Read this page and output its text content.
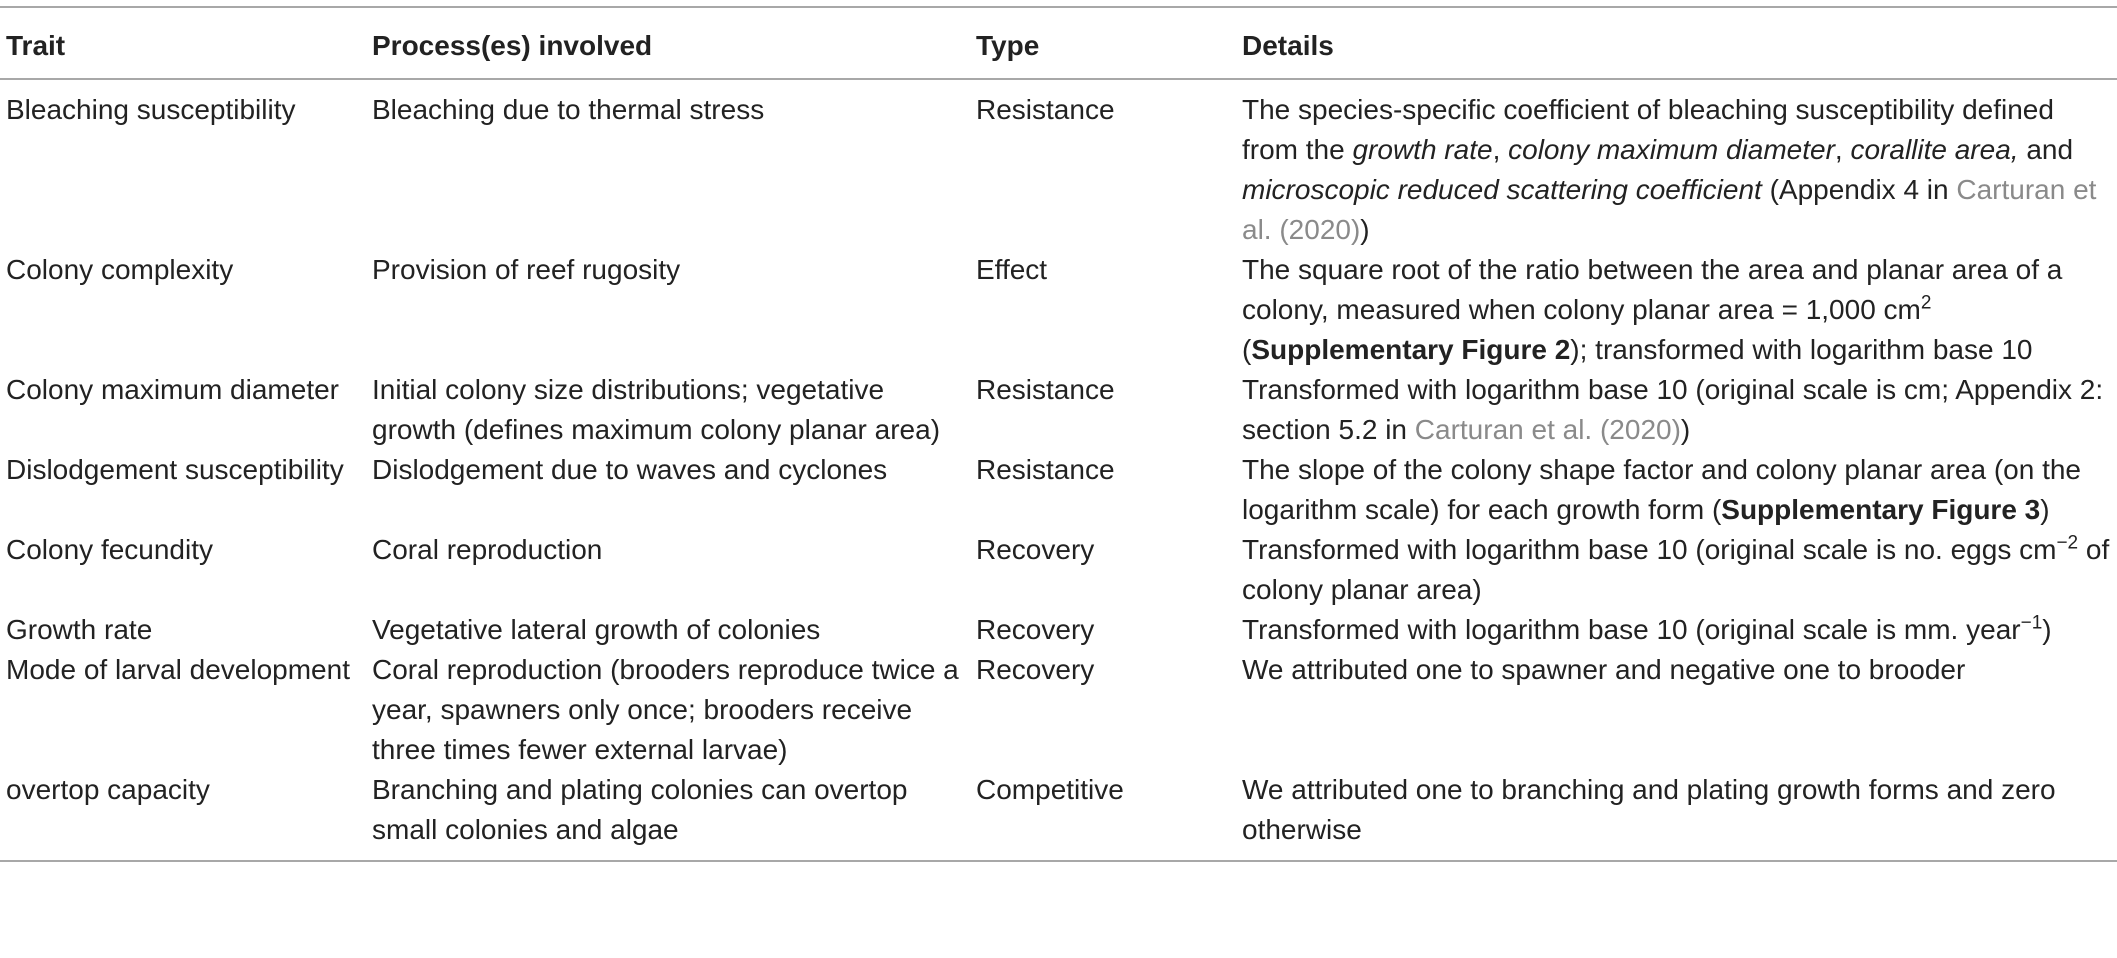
Trait	Process(es) involved	Type	Details
Bleaching susceptibility	Bleaching due to thermal stress	Resistance	The species-specific coefficient of bleaching susceptibility defined from the growth rate, colony maximum diameter, corallite area, and microscopic reduced scattering coefficient (Appendix 4 in Carturan et al. (2020))
Colony complexity	Provision of reef rugosity	Effect	The square root of the ratio between the area and planar area of a colony, measured when colony planar area = 1,000 $cm^2$ (Supplementary Figure 2); transformed with logarithm base 10
Colony maximum diameter	Initial colony size distributions; vegetative growth (defines maximum colony planar area)	Resistance	Transformed with logarithm base 10 (original scale is cm; Appendix 2: section 5.2 in Carturan et al. (2020))
Dislodgement susceptibility	Dislodgement due to waves and cyclones	Resistance	The slope of the colony shape factor and colony planar area (on the logarithm scale) for each growth form (Supplementary Figure 3)
Colony fecundity	Coral reproduction	Recovery	Transformed with logarithm base 10 (original scale is no. eggs $cm^{-2}$ of colony planar area)
Growth rate	Vegetative lateral growth of colonies	Recovery	Transformed with logarithm base 10 (original scale is mm. year$^{-1}$)
Mode of larval development	Coral reproduction (brooders reproduce twice a year, spawners only once; brooders receive three times fewer external larvae)	Recovery	We attributed one to spawner and negative one to brooder
overtop capacity	Branching and plating colonies can overtop small colonies and algae	Competitive	We attributed one to branching and plating growth forms and zero otherwise
